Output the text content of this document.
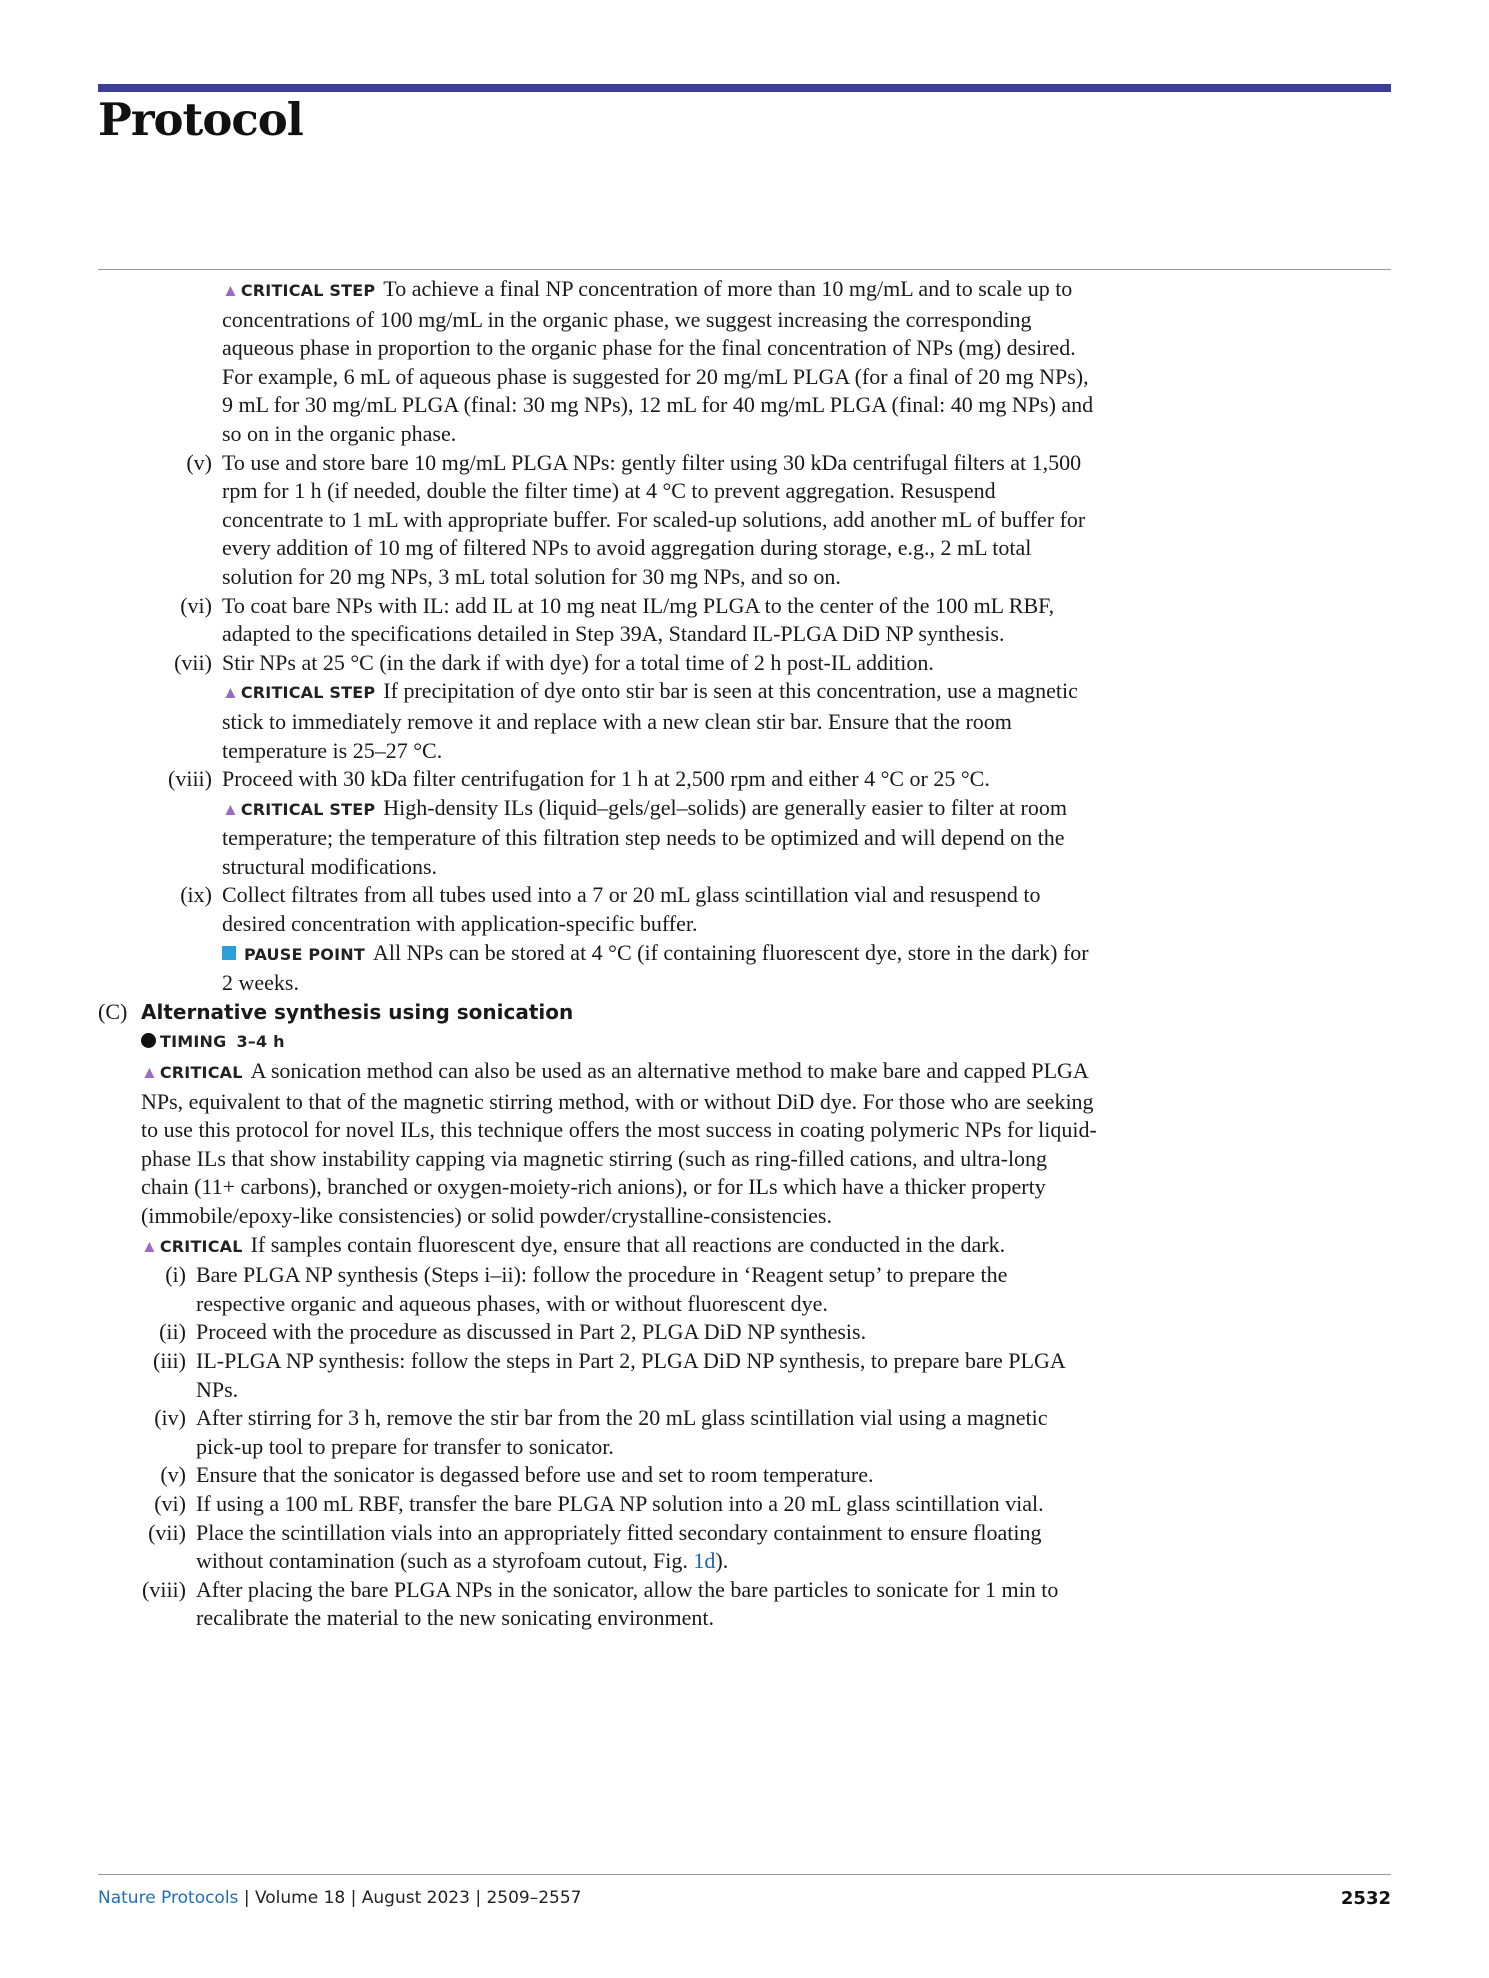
Protocol
▲ CRITICAL STEP To achieve a final NP concentration of more than 10 mg/mL and to scale up to concentrations of 100 mg/mL in the organic phase, we suggest increasing the corresponding aqueous phase in proportion to the organic phase for the final concentration of NPs (mg) desired. For example, 6 mL of aqueous phase is suggested for 20 mg/mL PLGA (for a final of 20 mg NPs), 9 mL for 30 mg/mL PLGA (final: 30 mg NPs), 12 mL for 40 mg/mL PLGA (final: 40 mg NPs) and so on in the organic phase.
(v) To use and store bare 10 mg/mL PLGA NPs: gently filter using 30 kDa centrifugal filters at 1,500 rpm for 1 h (if needed, double the filter time) at 4 °C to prevent aggregation. Resuspend concentrate to 1 mL with appropriate buffer. For scaled-up solutions, add another mL of buffer for every addition of 10 mg of filtered NPs to avoid aggregation during storage, e.g., 2 mL total solution for 20 mg NPs, 3 mL total solution for 30 mg NPs, and so on.
(vi) To coat bare NPs with IL: add IL at 10 mg neat IL/mg PLGA to the center of the 100 mL RBF, adapted to the specifications detailed in Step 39A, Standard IL-PLGA DiD NP synthesis.
(vii) Stir NPs at 25 °C (in the dark if with dye) for a total time of 2 h post-IL addition.
▲ CRITICAL STEP If precipitation of dye onto stir bar is seen at this concentration, use a magnetic stick to immediately remove it and replace with a new clean stir bar. Ensure that the room temperature is 25–27 °C.
(viii) Proceed with 30 kDa filter centrifugation for 1 h at 2,500 rpm and either 4 °C or 25 °C.
▲ CRITICAL STEP High-density ILs (liquid–gels/gel–solids) are generally easier to filter at room temperature; the temperature of this filtration step needs to be optimized and will depend on the structural modifications.
(ix) Collect filtrates from all tubes used into a 7 or 20 mL glass scintillation vial and resuspend to desired concentration with application-specific buffer.
PAUSE POINT All NPs can be stored at 4 °C (if containing fluorescent dye, store in the dark) for 2 weeks.
(C) Alternative synthesis using sonication
TIMING 3–4 h
▲ CRITICAL A sonication method can also be used as an alternative method to make bare and capped PLGA NPs, equivalent to that of the magnetic stirring method, with or without DiD dye. For those who are seeking to use this protocol for novel ILs, this technique offers the most success in coating polymeric NPs for liquid-phase ILs that show instability capping via magnetic stirring (such as ring-filled cations, and ultra-long chain (11+ carbons), branched or oxygen-moiety-rich anions), or for ILs which have a thicker property (immobile/epoxy-like consistencies) or solid powder/crystalline-consistencies.
▲ CRITICAL If samples contain fluorescent dye, ensure that all reactions are conducted in the dark.
(i) Bare PLGA NP synthesis (Steps i–ii): follow the procedure in ‘Reagent setup’ to prepare the respective organic and aqueous phases, with or without fluorescent dye.
(ii) Proceed with the procedure as discussed in Part 2, PLGA DiD NP synthesis.
(iii) IL-PLGA NP synthesis: follow the steps in Part 2, PLGA DiD NP synthesis, to prepare bare PLGA NPs.
(iv) After stirring for 3 h, remove the stir bar from the 20 mL glass scintillation vial using a magnetic pick-up tool to prepare for transfer to sonicator.
(v) Ensure that the sonicator is degassed before use and set to room temperature.
(vi) If using a 100 mL RBF, transfer the bare PLGA NP solution into a 20 mL glass scintillation vial.
(vii) Place the scintillation vials into an appropriately fitted secondary containment to ensure floating without contamination (such as a styrofoam cutout, Fig. 1d).
(viii) After placing the bare PLGA NPs in the sonicator, allow the bare particles to sonicate for 1 min to recalibrate the material to the new sonicating environment.
Nature Protocols | Volume 18 | August 2023 | 2509–2557	2532
